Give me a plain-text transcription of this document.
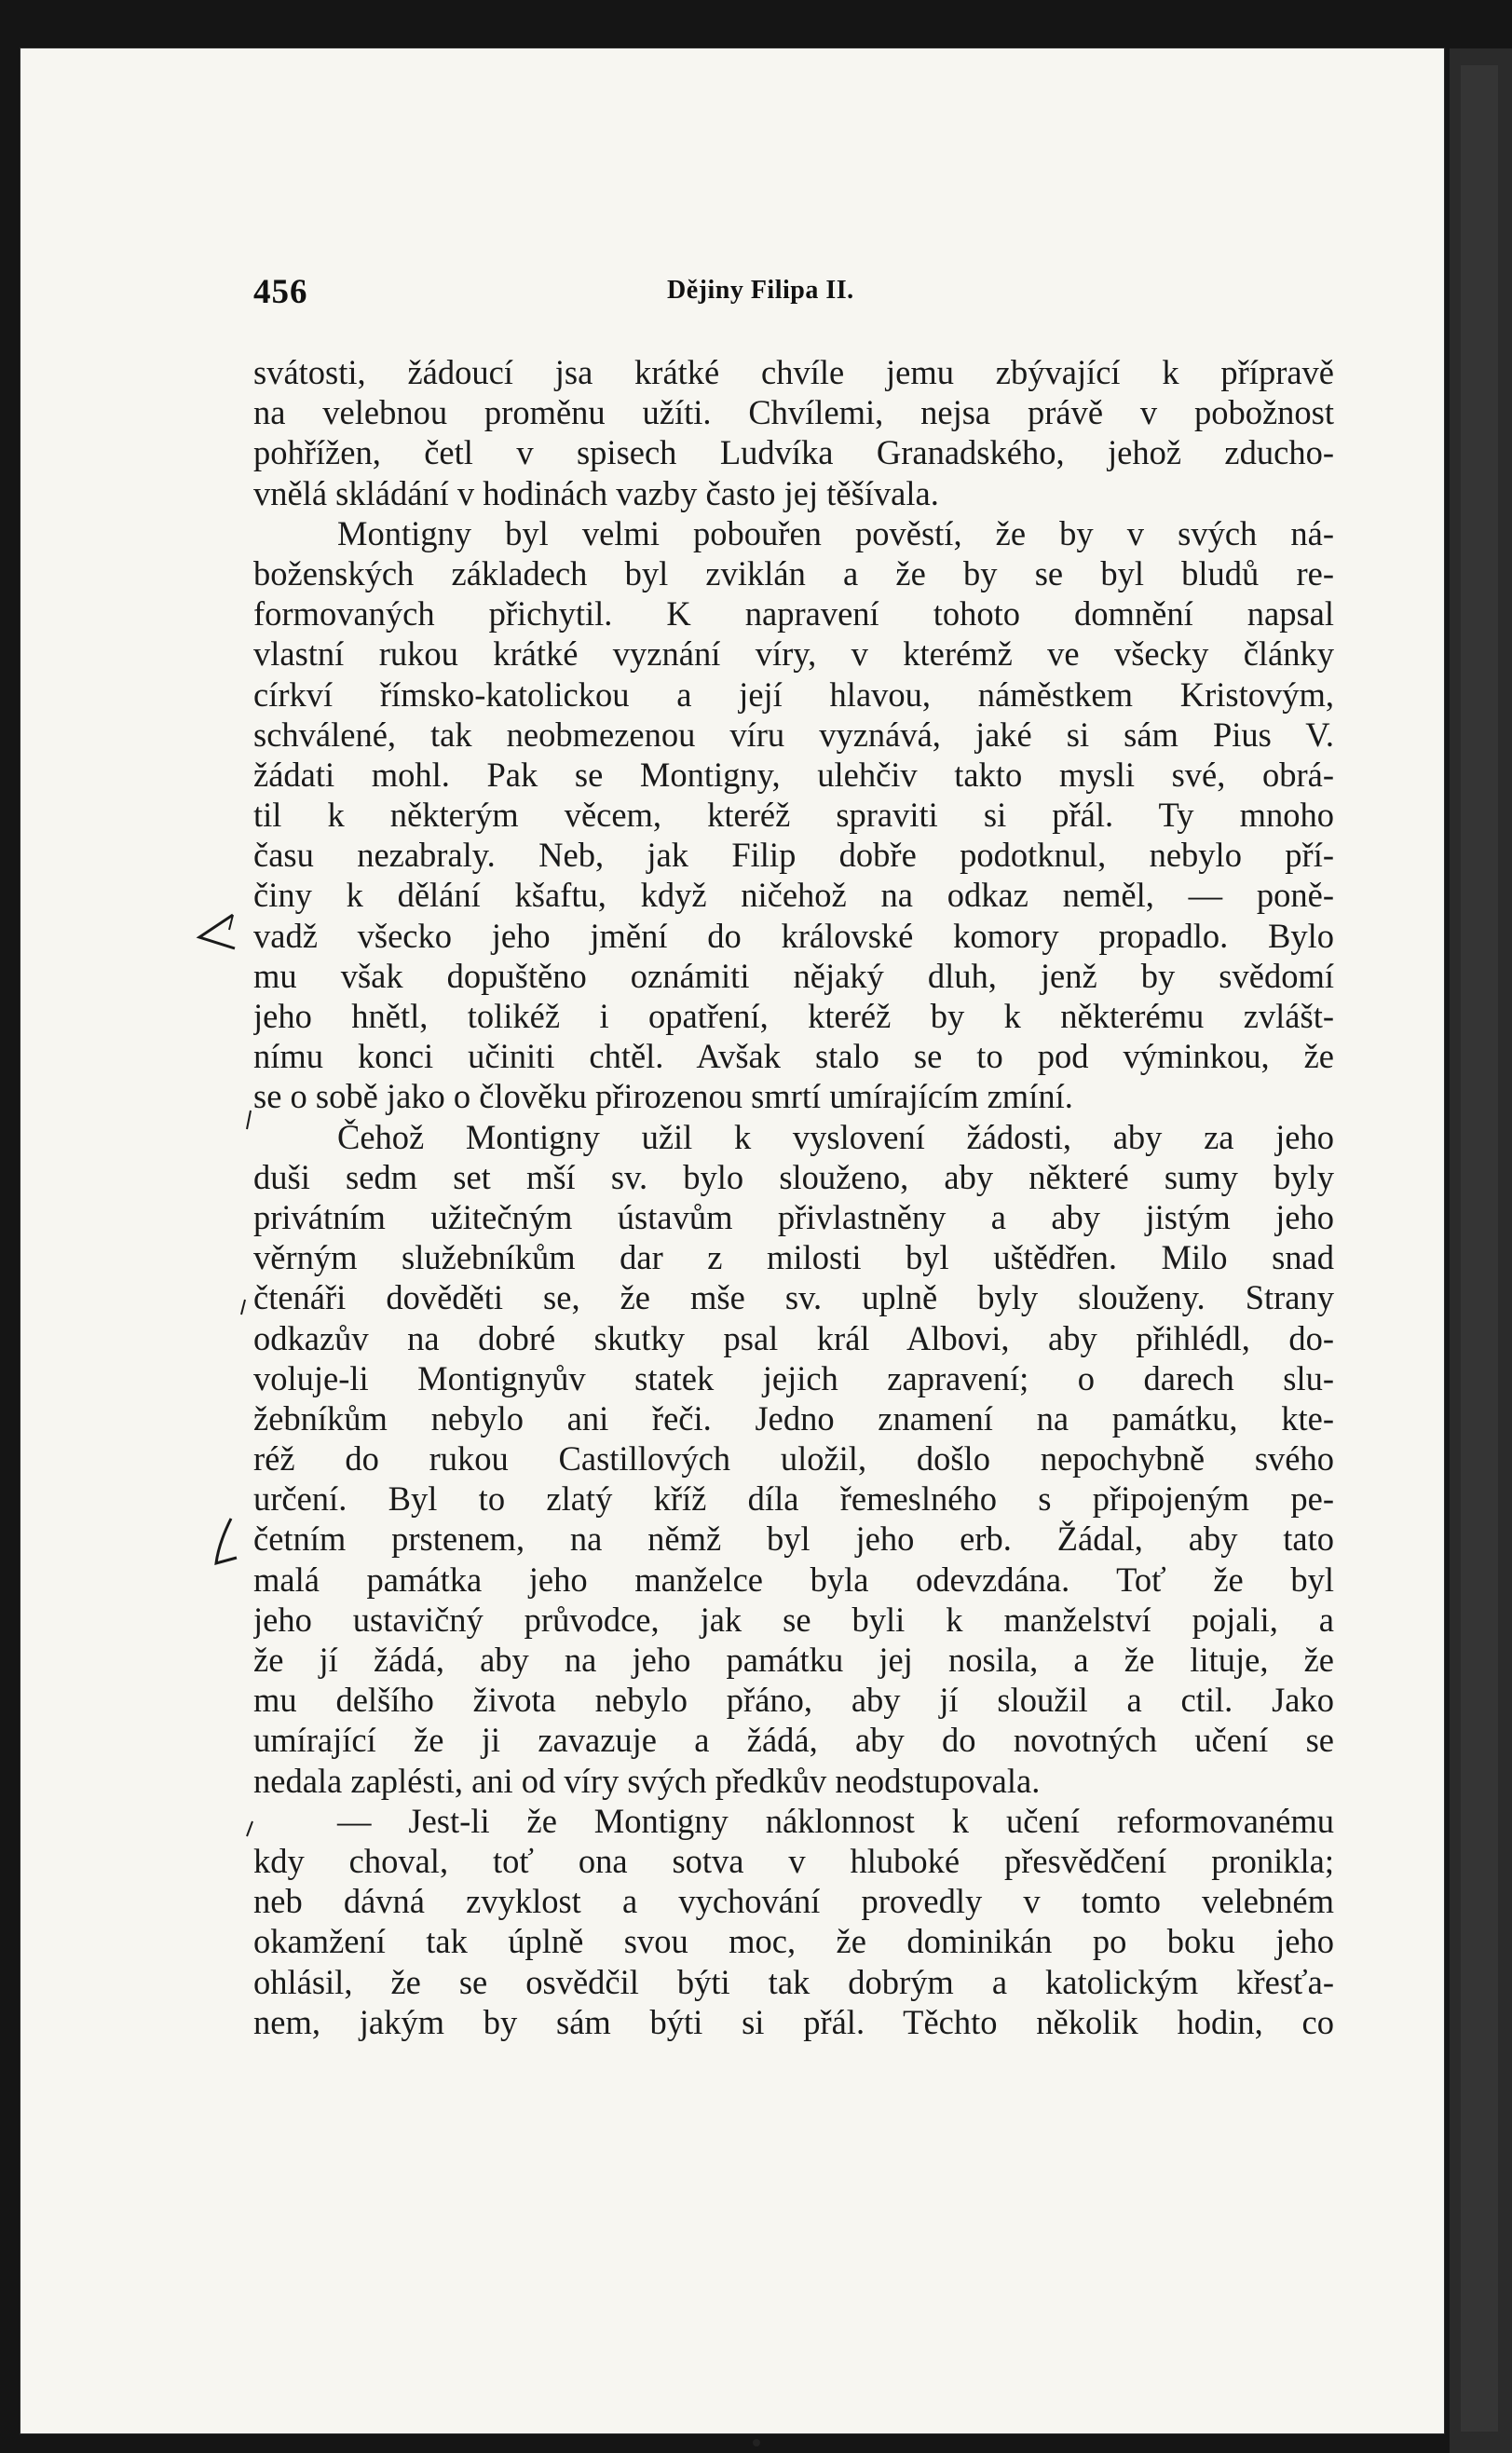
456	Dějiny Filipa II.
svátosti, žádoucí jsa krátké chvíle jemu zbývající k přípravě
na velebnou proměnu užíti. Chvílemi, nejsa právě v pobožnost
pohřížen, četl v spisech Ludvíka Granadského, jehož zducho-
vnělá skládání v hodinách vazby často jej těšívala.
Montigny byl velmi pobouřen pověstí, že by v svých ná-
boženských základech byl zviklán a že by se byl bludů re-
formovaných přichytil. K napravení tohoto domnění napsal
vlastní rukou krátké vyznání víry, v kterémž ve všecky články
církví římsko-katolickou a její hlavou, náměstkem Kristovým,
schválené, tak neobmezenou víru vyznává, jaké si sám Pius V.
žádati mohl. Pak se Montigny, ulehčiv takto mysli své, obrá-
til k některým věcem, kteréž spraviti si přál. Ty mnoho
času nezabraly. Neb, jak Filip dobře podotknul, nebylo pří-
činy k dělání kšaftu, když ničehož na odkaz neměl, — poně-
vadž všecko jeho jmění do královské komory propadlo. Bylo
mu však dopuštěno oznámiti nějaký dluh, jenž by svědomí
jeho hnětl, tolikéž i opatření, kteréž by k některému zvlášt-
nímu konci učiniti chtěl. Avšak stalo se to pod výminkou, že
se o sobě jako o člověku přirozenou smrtí umírajícím zmíní.
Čehož Montigny užil k vyslovení žádosti, aby za jeho
duši sedm set mší sv. bylo slouženo, aby některé sumy byly
privátním užitečným ústavům přivlastněny a aby jistým jeho
věrným služebníkům dar z milosti byl uštědřen. Milo snad
čtenáři dověděti se, že mše sv. uplně byly slouženy. Strany
odkazův na dobré skutky psal král Albovi, aby přihlédl, do-
voluje-li Montignyův statek jejich zapravení; o darech slu-
žebníkům nebylo ani řeči. Jedno znamení na památku, kte-
réž do rukou Castillových uložil, došlo nepochybně svého
určení. Byl to zlatý kříž díla řemeslného s připojeným pe-
četním prstenem, na němž byl jeho erb. Žádal, aby tato
malá památka jeho manželce byla odevzdána. Toť že byl
jeho ustavičný průvodce, jak se byli k manželství pojali, a
že jí žádá, aby na jeho památku jej nosila, a že lituje, že
mu delšího života nebylo přáno, aby jí sloužil a ctil. Jako
umírající že ji zavazuje a žádá, aby do novotných učení se
nedala zaplésti, ani od víry svých předkův neodstupovala.
— Jest-li že Montigny náklonnost k učení reformovanému
kdy choval, toť ona sotva v hluboké přesvědčení pronikla;
neb dávná zvyklost a vychování provedly v tomto velebném
okamžení tak úplně svou moc, že dominikán po boku jeho
ohlásil, že se osvědčil býti tak dobrým a katolickým křesťa-
nem, jakým by sám býti si přál. Těchto několik hodin, co
